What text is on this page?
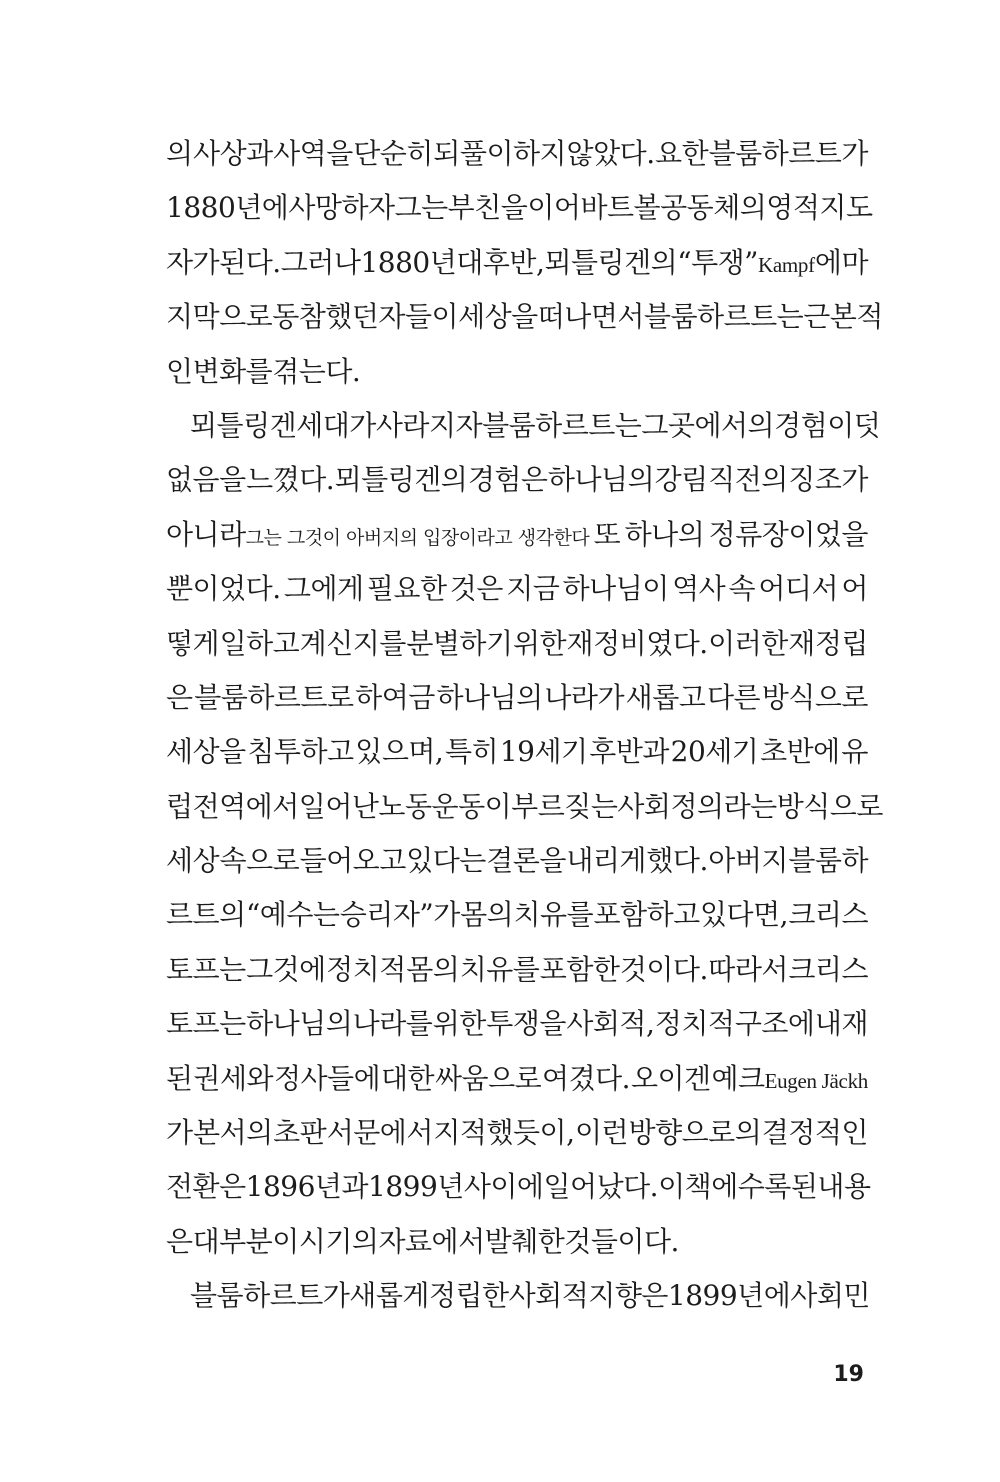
의 사상과 사역을 단순히 되풀이하지 않았다. 요한 블룸하르트가
1880년에 사망하자 그는 부친을 이어 바트볼 공동체의 영적 지도
자가 된다. 그러나 1880년대 후반, 뫼틀링겐의 “투쟁”Kampf에 마
지막으로 동참했던 자들이 세상을 떠나면서 블룸하르트는 근본적
인 변화를 겪는다.
뫼틀링겐 세대가 사라지자 블룸하르트는 그곳에서의 경험이 덧
없음을 느꼈다. 뫼틀링겐의 경험은 하나님의 강림 직전의 징조가
아니라그는 그것이 아버지의 입장이라고 생각한다 또 하나의 정류장이었을
뿐이었다. 그에게 필요한 것은 지금 하나님이 역사 속 어디서 어
떻게 일하고 계신지를 분별하기 위한 재정비였다. 이러한 재정립
은 블룸하르트로 하여금 하나님의 나라가 새롭고 다른 방식으로
세상을 침투하고 있으며, 특히 19세기 후반과 20세기 초반에 유
럽 전역에서 일어난 노동운동이 부르짖는 사회 정의라는 방식으로
세상 속으로 들어오고 있다는 결론을 내리게 했다. 아버지 블룸하
르트의 “예수는 승리자”가 몸의 치유를 포함하고 있다면, 크리스
토프는 그것에 정치적 몸의 치유를 포함한 것이다. 따라서 크리스
토프는 하나님의 나라를 위한 투쟁을 사회적, 정치적 구조에 내재
된 권세와 정사들에 대한 싸움으로 여겼다. 오이겐 예크Eugen Jäckh
가 본서의 초판 서문에서 지적했듯이, 이런 방향으로의 결정적인
전환은 1896년과 1899년 사이에 일어났다. 이 책에 수록된 내용
은 대부분 이 시기의 자료에서 발췌한 것들이다.
블룸하르트가 새롭게 정립한 사회적 지향은 1899년에 사회민
19
